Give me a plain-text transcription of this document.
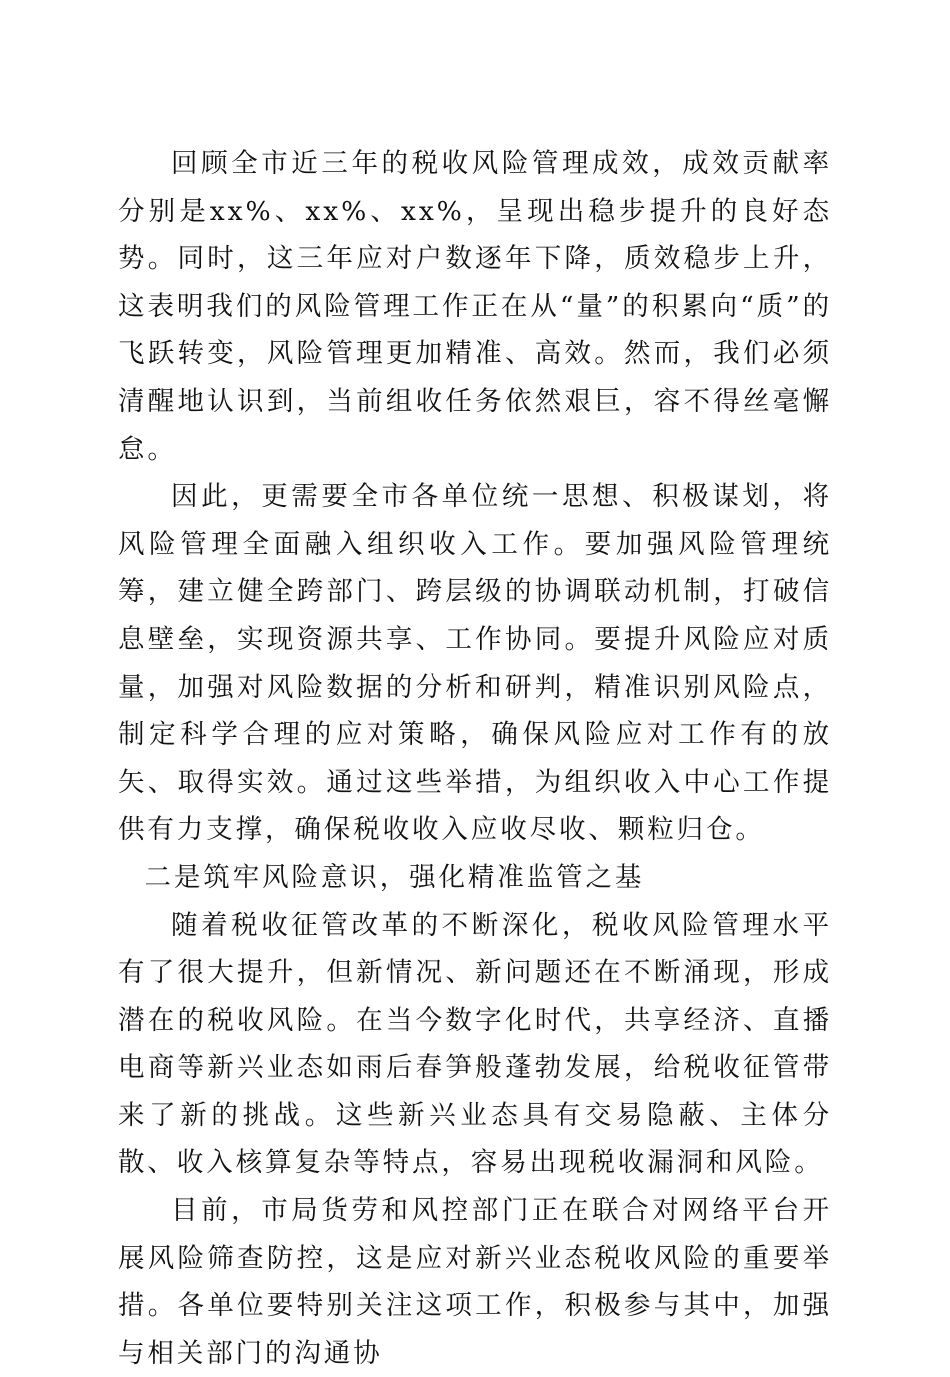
回顾全市近三年的税收风险管理成效，成效贡献率分别是xx%、xx%、xx%，呈现出稳步提升的良好态势。同时，这三年应对户数逐年下降，质效稳步上升，这表明我们的风险管理工作正在从“量”的积累向“质”的飞跃转变，风险管理更加精准、高效。然而，我们必须清醒地认识到，当前组收任务依然艰巨，容不得丝毫懈怠。

因此，更需要全市各单位统一思想、积极谋划，将风险管理全面融入组织收入工作。要加强风险管理统筹，建立健全跨部门、跨层级的协调联动机制，打破信息壁垒，实现资源共享、工作协同。要提升风险应对质量，加强对风险数据的分析和研判，精准识别风险点，制定科学合理的应对策略，确保风险应对工作有的放矢、取得实效。通过这些举措，为组织收入中心工作提供有力支撑，确保税收收入应收尽收、颗粒归仓。

二是筑牢风险意识，强化精准监管之基

随着税收征管改革的不断深化，税收风险管理水平有了很大提升，但新情况、新问题还在不断涌现，形成潜在的税收风险。在当今数字化时代，共享经济、直播电商等新兴业态如雨后春笋般蓬勃发展，给税收征管带来了新的挑战。这些新兴业态具有交易隐蔽、主体分散、收入核算复杂等特点，容易出现税收漏洞和风险。

目前，市局货劳和风控部门正在联合对网络平台开展风险筛查防控，这是应对新兴业态税收风险的重要举措。各单位要特别关注这项工作，积极参与其中，加强与相关部门的沟通协
